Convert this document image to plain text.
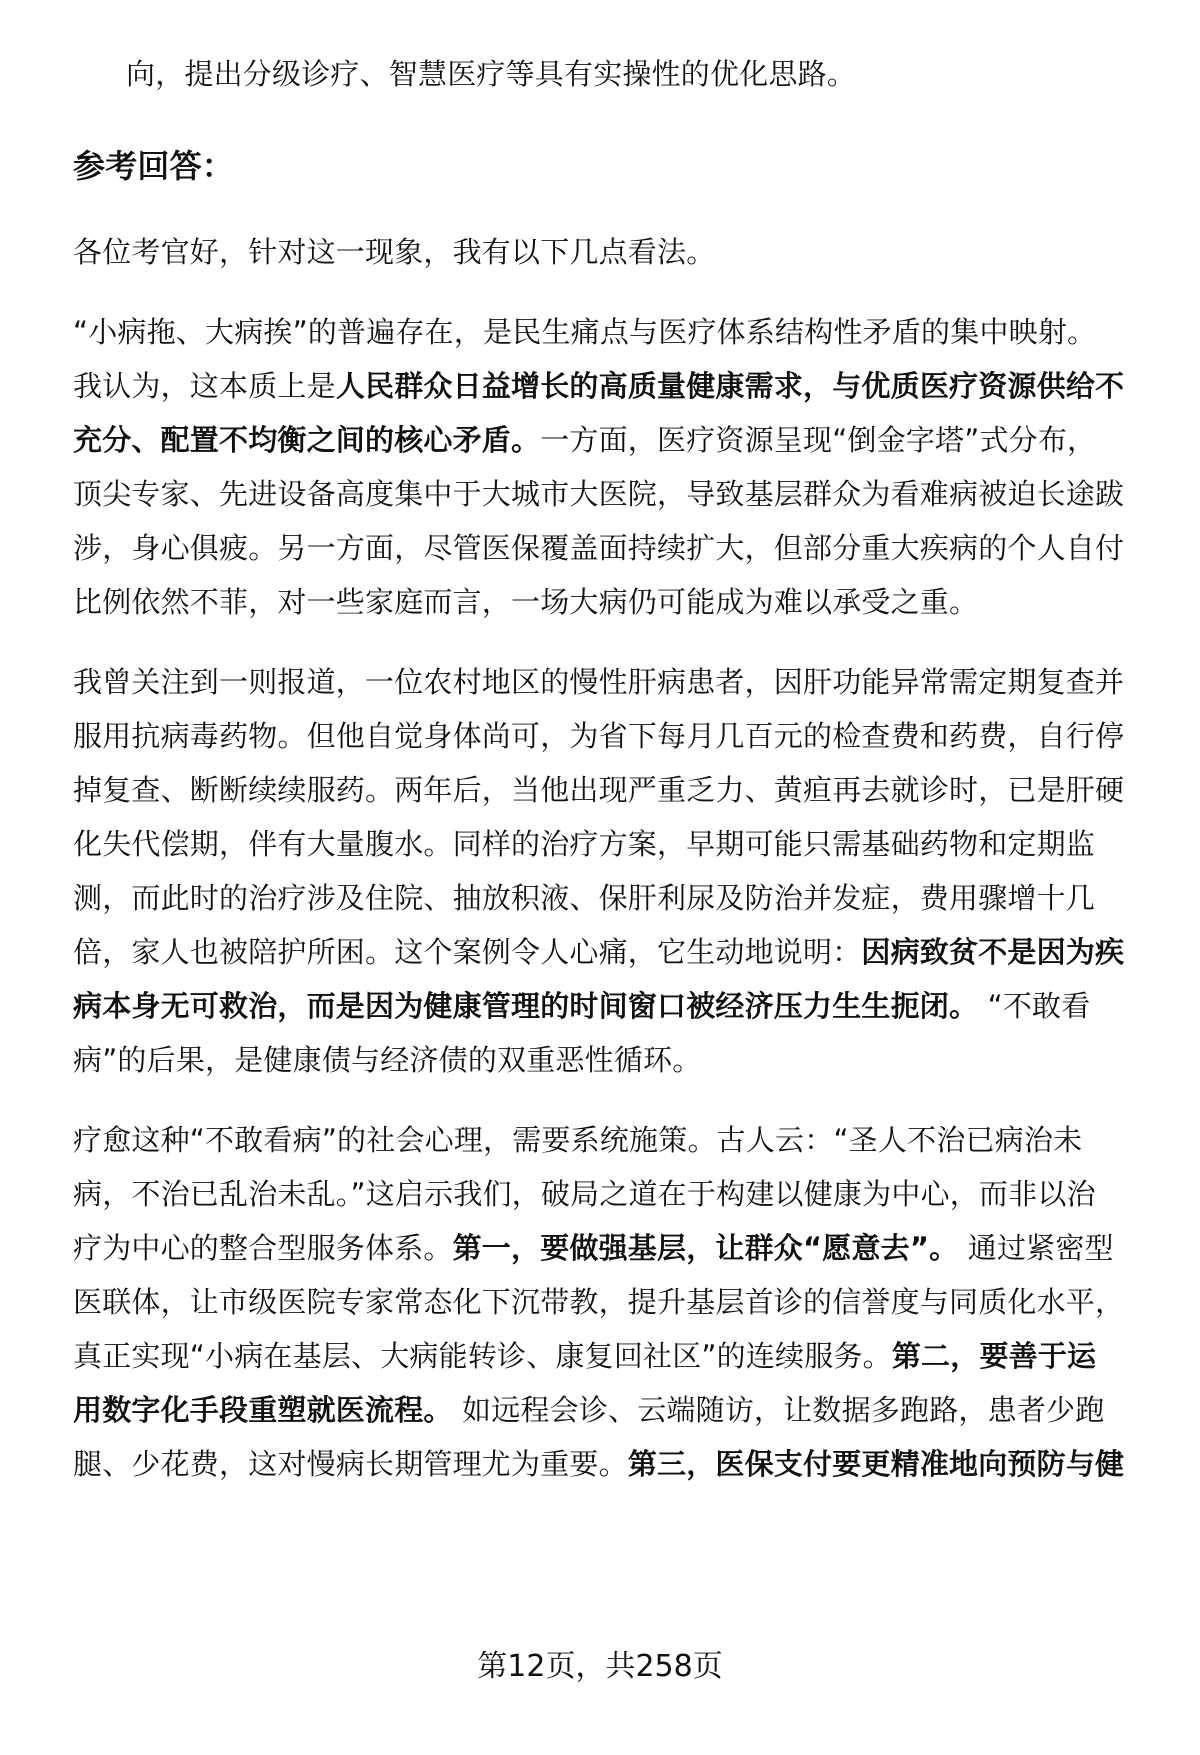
向，提出分级诊疗、智慧医疗等具有实操性的优化思路。
参考回答：
各位考官好，针对这一现象，我有以下几点看法。
“小病拖、大病挨”的普遍存在，是民生痛点与医疗体系结构性矛盾的集中映射。
我认为，这本质上是人民群众日益增长的高质量健康需求，与优质医疗资源供给不
充分、配置不均衡之间的核心矛盾。一方面，医疗资源呈现“倒金字塔”式分布，
顶尖专家、先进设备高度集中于大城市大医院，导致基层群众为看难病被迫长途跋
涉，身心俱疲。另一方面，尽管医保覆盖面持续扩大，但部分重大疾病的个人自付
比例依然不菲，对一些家庭而言，一场大病仍可能成为难以承受之重。
我曾关注到一则报道，一位农村地区的慢性肝病患者，因肝功能异常需定期复查并
服用抗病毒药物。但他自觉身体尚可，为省下每月几百元的检查费和药费，自行停
掉复查、断断续续服药。两年后，当他出现严重乏力、黄疸再去就诊时，已是肝硬
化失代偿期，伴有大量腹水。同样的治疗方案，早期可能只需基础药物和定期监
测，而此时的治疗涉及住院、抽放积液、保肝利尿及防治并发症，费用骤增十几
倍，家人也被陪护所困。这个案例令人心痛，它生动地说明：因病致贫不是因为疾
病本身无可救治，而是因为健康管理的时间窗口被经济压力生生扼闭。 “不敢看
病”的后果，是健康债与经济债的双重恶性循环。
疗愈这种“不敢看病”的社会心理，需要系统施策。古人云：“圣人不治已病治未
病，不治已乱治未乱。”这启示我们，破局之道在于构建以健康为中心，而非以治
疗为中心的整合型服务体系。第一，要做强基层，让群众“愿意去”。 通过紧密型
医联体，让市级医院专家常态化下沉带教，提升基层首诊的信誉度与同质化水平，
真正实现“小病在基层、大病能转诊、康复回社区”的连续服务。第二，要善于运
用数字化手段重塑就医流程。 如远程会诊、云端随访，让数据多跑路，患者少跑
腿、少花费，这对慢病长期管理尤为重要。第三，医保支付要更精准地向预防与健
第12页，共258页
